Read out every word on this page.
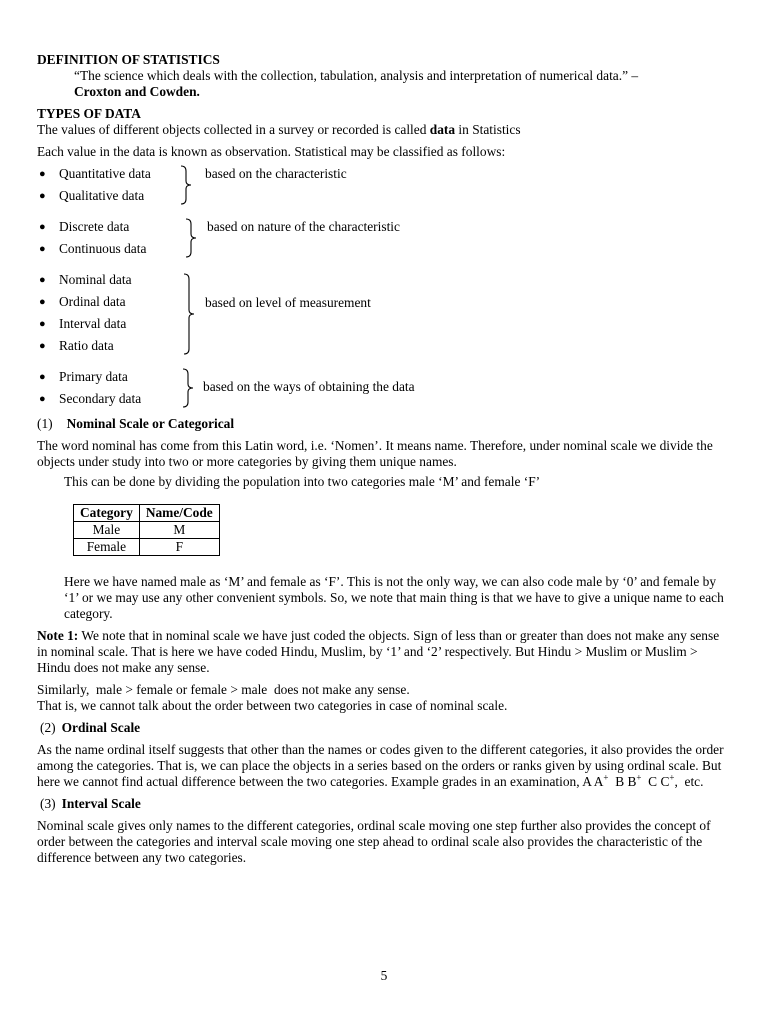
DEFINITION OF STATISTICS

“The science which deals with the collection, tabulation, analysis and interpretation of numerical data.” –

Croxton and Cowden.

TYPES OF DATA

The values of different objects collected in a survey or recorded is called data in Statistics

Each value in the data is known as observation. Statistical may be classified as follows:

● Quantitative data
● Qualitative data
based on the characteristic
● Discrete data
● Continuous data
based on nature of the characteristic
● Nominal data
● Ordinal data
● Interval data
● Ratio data
based on level of measurement
● Primary data
● Secondary data
based on the ways of obtaining the data

(1) Nominal Scale or Categorical

The word nominal has come from this Latin word, i.e. ‘Nomen’. It means name. Therefore, under nominal scale we divide the objects under study into two or more categories by giving them unique names.

This can be done by dividing the population into two categories male ‘M’ and female ‘F’

Category	Name/Code
Male	M
Female	F

Here we have named male as ‘M’ and female as ‘F’. This is not the only way, we can also code male by ‘0’ and female by ‘1’ or we may use any other convenient symbols. So, we note that main thing is that we have to give a unique name to each category.

Note 1: We note that in nominal scale we have just coded the objects. Sign of less than or greater than does not make any sense in nominal scale. That is here we have coded Hindu, Muslim, by ‘1’ and ‘2’ respectively. But Hindu > Muslim or Muslim > Hindu does not make any sense.

Similarly,  male > female or female > male  does not make any sense.

That is, we cannot talk about the order between two categories in case of nominal scale.

(2) Ordinal Scale

As the name ordinal itself suggests that other than the names or codes given to the different categories, it also provides the order among the categories. That is, we can place the objects in a series based on the orders or ranks given by using ordinal scale. But here we cannot find actual difference between the two categories. Example grades in an examination, A A+  B B+  C C+,  etc.

(3) Interval Scale

Nominal scale gives only names to the different categories, ordinal scale moving one step further also provides the concept of order between the categories and interval scale moving one step ahead to ordinal scale also provides the characteristic of the difference between any two categories.

5
